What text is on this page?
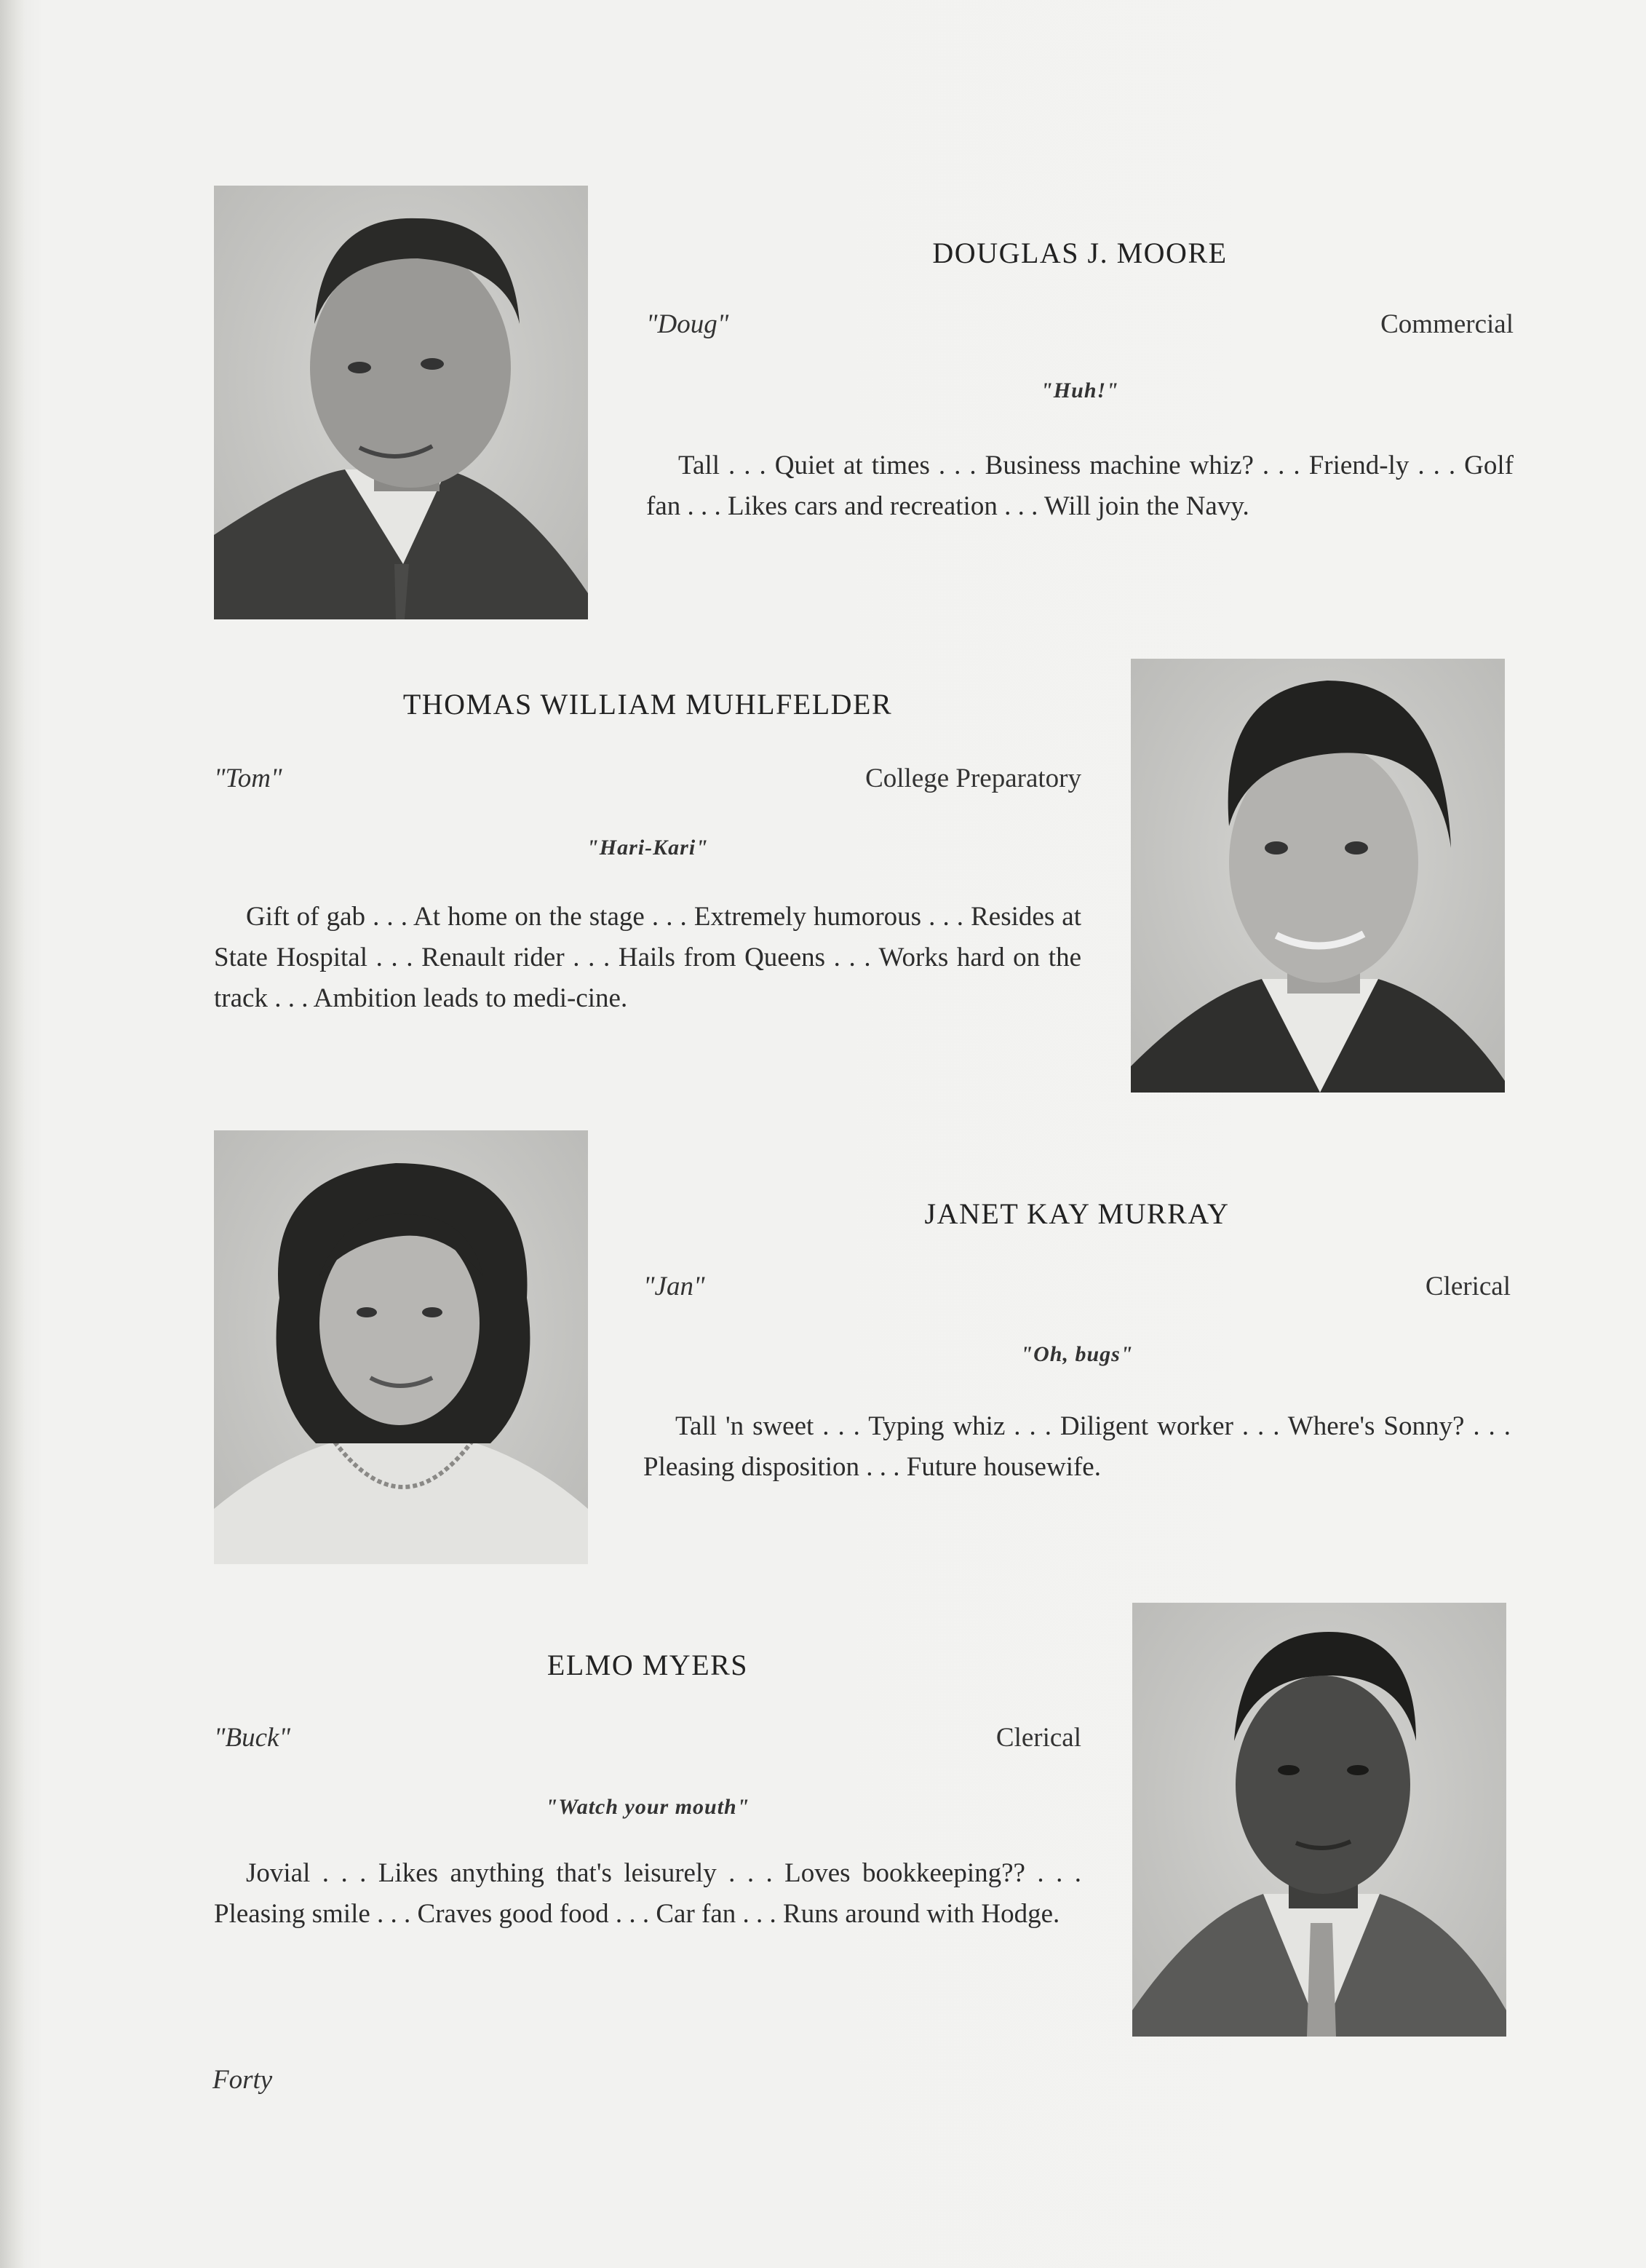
DOUGLAS J. MOORE
"Doug"	Commercial
"Huh!"
Tall . . . Quiet at times . . . Business machine whiz? . . . Friend-ly . . . Golf fan . . . Likes cars and recreation . . . Will join the Navy.
THOMAS WILLIAM MUHLFELDER
"Tom"	College Preparatory
"Hari-Kari"
Gift of gab . . . At home on the stage . . . Extremely humorous . . . Resides at State Hospital . . . Renault rider . . . Hails from Queens . . . Works hard on the track . . . Ambition leads to medi-cine.
JANET KAY MURRAY
"Jan"	Clerical
"Oh, bugs"
Tall 'n sweet . . . Typing whiz . . . Diligent worker . . . Where's Sonny? . . . Pleasing disposition . . . Future housewife.
ELMO MYERS
"Buck"	Clerical
"Watch your mouth"
Jovial . . . Likes anything that's leisurely . . . Loves bookkeeping?? . . . Pleasing smile . . . Craves good food . . . Car fan . . . Runs around with Hodge.
Forty
